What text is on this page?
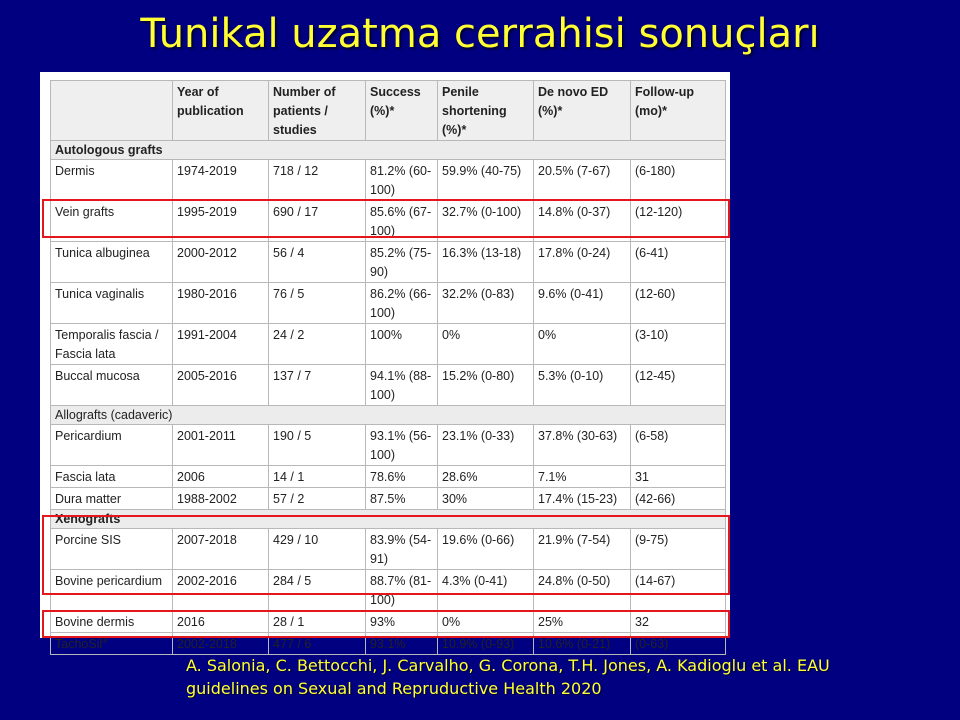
Tunikal uzatma cerrahisi sonuçları
	Year of publication	Number of patients / studies	Success (%)*	Penile shortening (%)*	De novo ED (%)*	Follow-up (mo)*
Autologous grafts						
Dermis	1974-2019	718 / 12	81.2% (60-100)	59.9% (40-75)	20.5% (7-67)	(6-180)
Vein grafts	1995-2019	690 / 17	85.6% (67-100)	32.7% (0-100)	14.8% (0-37)	(12-120)
Tunica albuginea	2000-2012	56 / 4	85.2% (75-90)	16.3% (13-18)	17.8% (0-24)	(6-41)
Tunica vaginalis	1980-2016	76 / 5	86.2% (66-100)	32.2% (0-83)	9.6% (0-41)	(12-60)
Temporalis fascia / Fascia lata	1991-2004	24 / 2	100%	0%	0%	(3-10)
Buccal mucosa	2005-2016	137 / 7	94.1% (88-100)	15.2% (0-80)	5.3% (0-10)	(12-45)
Allografts (cadaveric)						
Pericardium	2001-2011	190 / 5	93.1% (56-100)	23.1% (0-33)	37.8% (30-63)	(6-58)
Fascia lata	2006	14 / 1	78.6%	28.6%	7.1%	31
Dura matter	1988-2002	57 / 2	87.5%	30%	17.4% (15-23)	(42-66)
Xenografts						
Porcine SIS	2007-2018	429 / 10	83.9% (54-91)	19.6% (0-66)	21.9% (7-54)	(9-75)
Bovine pericardium	2002-2016	284 / 5	88.7% (81-100)	4.3% (0-41)	24.8% (0-50)	(14-67)
Bovine dermis	2016	28 / 1	93%	0%	25%	32
TachoSil®	2002-2018	477 / 6	93.1%	10.9% (0-93)	10.6% (0-21)	(0-63)
A. Salonia, C. Bettocchi, J. Carvalho, G. Corona, T.H. Jones, A. Kadioglu et al. EAU
guidelines on Sexual and Repruductive Health 2020
